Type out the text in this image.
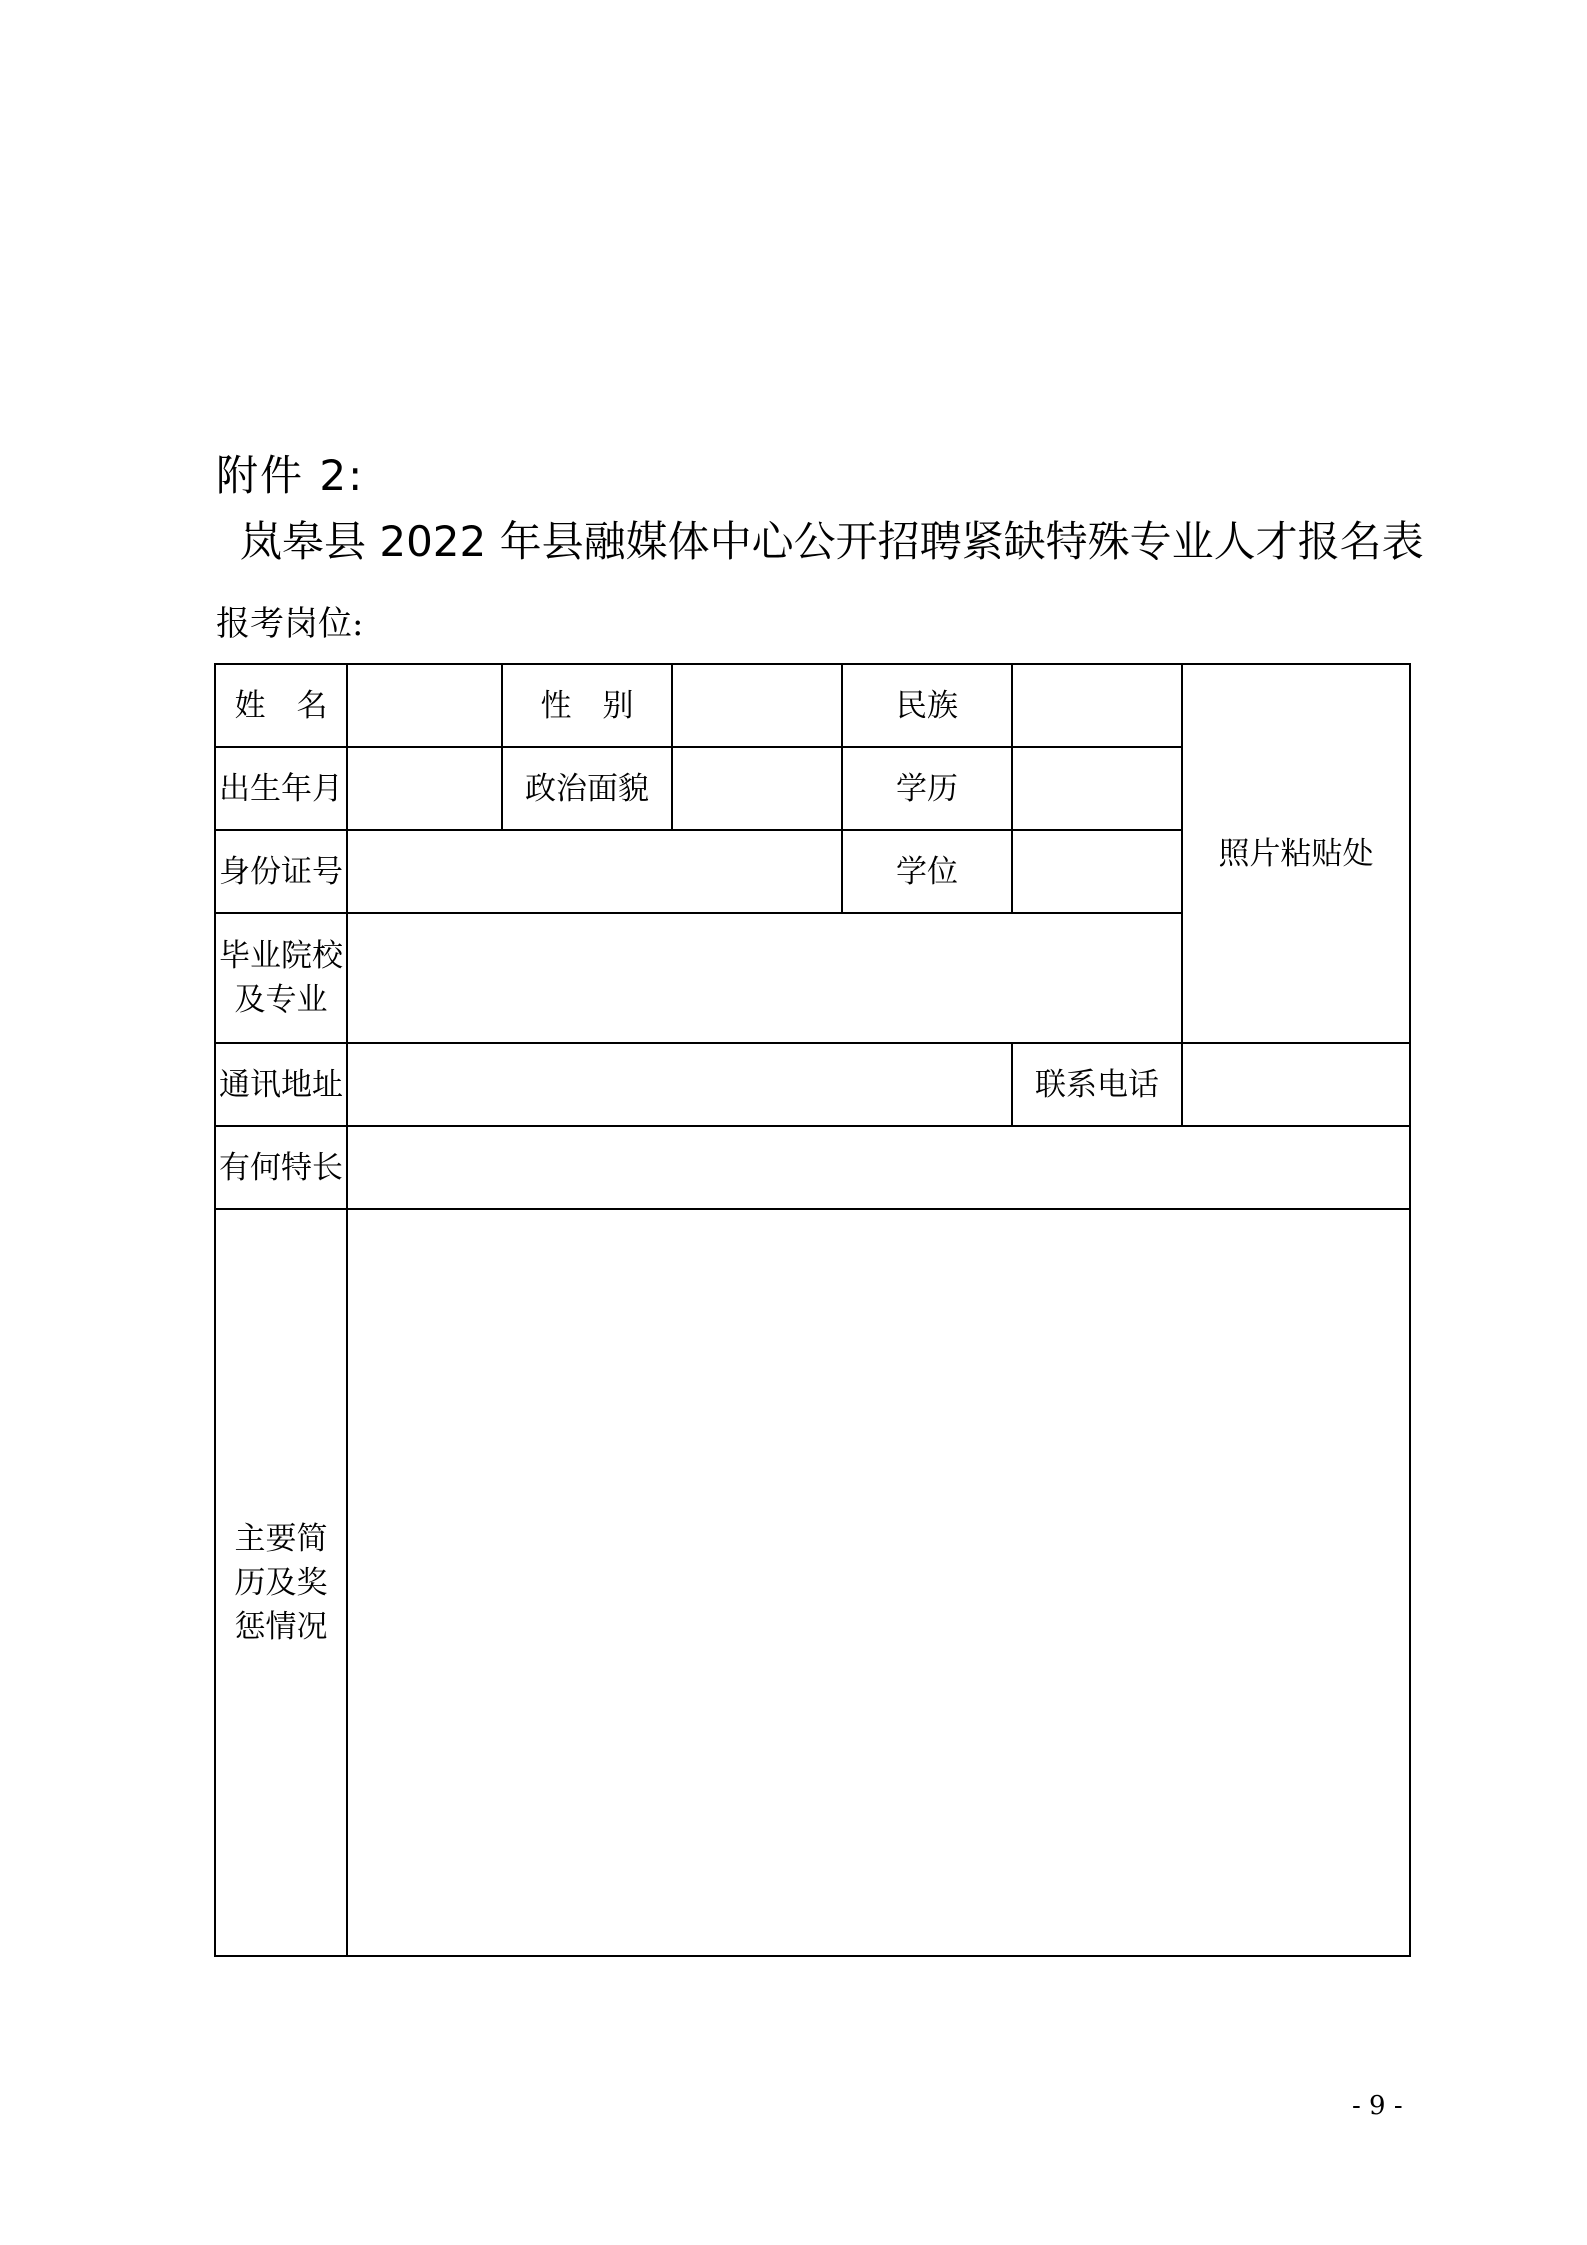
附件 2:
岚皋县 2022 年县融媒体中心公开招聘紧缺特殊专业人才报名表
报考岗位:
姓　名		性　别		民族		照片粘贴处
出生年月		政治面貌		学历		
身份证号				学位		

毕业院校
及专业						

通讯地址					联系电话	
有何特长						

主要简
历及奖
惩情况						

- 9 -
